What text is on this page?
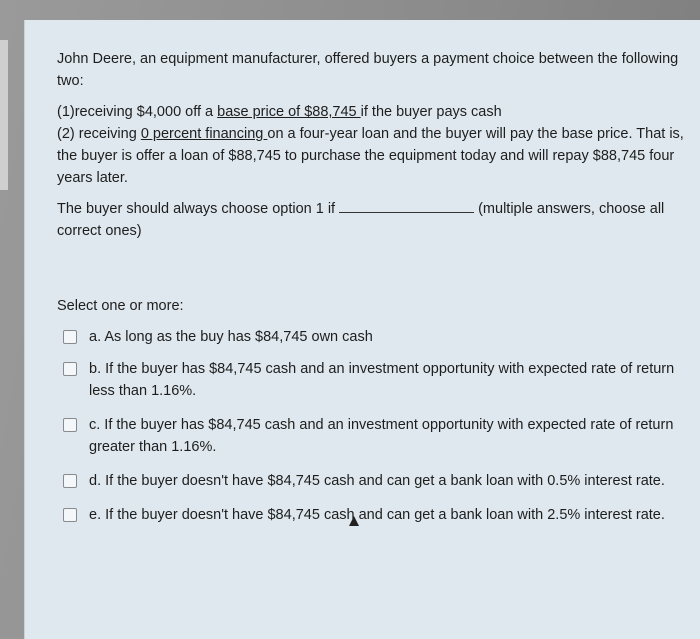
John Deere, an equipment manufacturer, offered buyers a payment choice between the following two:

(1)receiving $4,000 off a base price of $88,745 if the buyer pays cash
(2) receiving 0 percent financing on a four-year loan and the buyer will pay the base price. That is, the buyer is offer a loan of $88,745 to purchase the equipment today and will repay $88,745 four years later.

The buyer should always choose option 1 if	(multiple answers, choose all correct ones)

Select one or more:
a. As long as the buy has $84,745 own cash
b. If the buyer has $84,745 cash and an investment opportunity with expected rate of return less than 1.16%.
c. If the buyer has $84,745 cash and an investment opportunity with expected rate of return greater than 1.16%.
d. If the buyer doesn't have $84,745 cash and can get a bank loan with 0.5% interest rate.
e. If the buyer doesn't have $84,745 cash and can get a bank loan with 2.5% interest rate.
